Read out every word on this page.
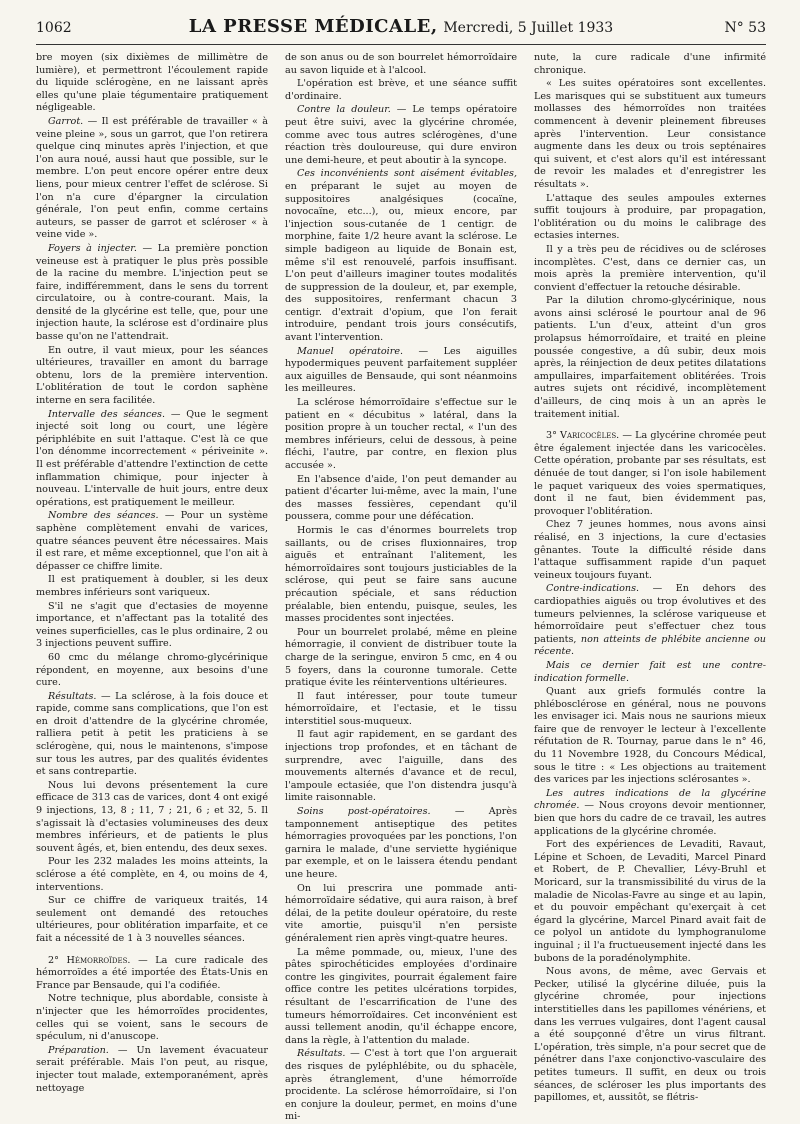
1062	LA PRESSE MÉDICALE, Mercredi, 5 Juillet 1933	N° 53

bre moyen (six dixièmes de millimètre de lumière), et permettront l'écoulement rapide du liquide sclérogène, en ne laissant après elles qu'une plaie tégumentaire pratiquement négligeable.

Garrot. — Il est préférable de travailler « à veine pleine », sous un garrot, que l'on retirera quelque cinq minutes après l'injection, et que l'on aura noué, aussi haut que possible, sur le membre. L'on peut encore opérer entre deux liens, pour mieux centrer l'effet de sclérose. Si l'on n'a cure d'épargner la circulation générale, l'on peut enfin, comme certains auteurs, se passer de garrot et scléroser « à veine vide ».

Foyers à injecter. — La première ponction veineuse est à pratiquer le plus près possible de la racine du membre. L'injection peut se faire, indifféremment, dans le sens du torrent circulatoire, ou à contre-courant. Mais, la densité de la glycérine est telle, que, pour une injection haute, la sclérose est d'ordinaire plus basse qu'on ne l'attendrait.

En outre, il vaut mieux, pour les séances ultérieures, travailler en amont du barrage obtenu, lors de la première intervention. L'oblitération de tout le cordon saphène interne en sera facilitée.

Intervalle des séances. — Que le segment injecté soit long ou court, une légère périphlébite en suit l'attaque. C'est là ce que l'on dénomme incorrectement « périveinite ». Il est préférable d'attendre l'extinction de cette inflammation chimique, pour injecter à nouveau. L'intervalle de huit jours, entre deux opérations, est pratiquement le meilleur.

Nombre des séances. — Pour un système saphène complètement envahi de varices, quatre séances peuvent être nécessaires. Mais il est rare, et même exceptionnel, que l'on ait à dépasser ce chiffre limite.

Il est pratiquement à doubler, si les deux membres inférieurs sont variqueux.

S'il ne s'agit que d'ectasies de moyenne importance, et n'affectant pas la totalité des veines superficielles, cas le plus ordinaire, 2 ou 3 injections peuvent suffire.

60 cmc du mélange chromo-glycérinique répondent, en moyenne, aux besoins d'une cure.

Résultats. — La sclérose, à la fois douce et rapide, comme sans complications, que l'on est en droit d'attendre de la glycérine chromée, ralliera petit à petit les praticiens à se sclérogène, qui, nous le maintenons, s'impose sur tous les autres, par des qualités évidentes et sans contrepartie.

Nous lui devons présentement la cure efficace de 313 cas de varices, dont 4 ont exigé 9 injections, 13, 8 ; 11, 7 ; 21, 6 ; et 32, 5. Il s'agissait là d'ectasies volumineuses des deux membres inférieurs, et de patients le plus souvent âgés, et, bien entendu, des deux sexes.

Pour les 232 malades les moins atteints, la sclérose a été complète, en 4, ou moins de 4, interventions.

Sur ce chiffre de variqueux traités, 14 seulement ont demandé des retouches ultérieures, pour oblitération imparfaite, et ce fait a nécessité de 1 à 3 nouvelles séances.

2° Hémorroïdes. — La cure radicale des hémorroïdes a été importée des États-Unis en France par Bensaude, qui l'a codifiée.

Notre technique, plus abordable, consiste à n'injecter que les hémorroïdes procidentes, celles qui se voient, sans le secours de spéculum, ni d'anuscope.

Préparation. — Un lavement évacuateur serait préférable. Mais l'on peut, au risque, injecter tout malade, extemporanément, après nettoyage

de son anus ou de son bourrelet hémorroïdaire au savon liquide et à l'alcool.

L'opération est brève, et une séance suffit d'ordinaire.

Contre la douleur. — Le temps opératoire peut être suivi, avec la glycérine chromée, comme avec tous autres sclérogènes, d'une réaction très douloureuse, qui dure environ une demi-heure, et peut aboutir à la syncope.

Ces inconvénients sont aisément évitables, en préparant le sujet au moyen de suppositoires analgésiques (cocaïne, novocaïne, etc...), ou, mieux encore, par l'injection sous-cutanée de 1 centigr. de morphine, faite 1/2 heure avant la sclérose. Le simple badigeon au liquide de Bonain est, même s'il est renouvelé, parfois insuffisant. L'on peut d'ailleurs imaginer toutes modalités de suppression de la douleur, et, par exemple, des suppositoires, renfermant chacun 3 centigr. d'extrait d'opium, que l'on ferait introduire, pendant trois jours consécutifs, avant l'intervention.

Manuel opératoire. — Les aiguilles hypodermiques peuvent parfaitement suppléer aux aiguilles de Bensaude, qui sont néanmoins les meilleures.

La sclérose hémorroïdaire s'effectue sur le patient en « décubitus » latéral, dans la position propre à un toucher rectal, « l'un des membres inférieurs, celui de dessous, à peine fléchi, l'autre, par contre, en flexion plus accusée ».

En l'absence d'aide, l'on peut demander au patient d'écarter lui-même, avec la main, l'une des masses fessières, cependant qu'il poussera, comme pour une défécation.

Hormis le cas d'énormes bourrelets trop saillants, ou de crises fluxionnaires, trop aiguës et entraînant l'alitement, les hémorroïdaires sont toujours justiciables de la sclérose, qui peut se faire sans aucune précaution spéciale, et sans réduction préalable, bien entendu, puisque, seules, les masses procidentes sont injectées.

Pour un bourrelet prolabé, même en pleine hémorragie, il convient de distribuer toute la charge de la seringue, environ 5 cmc, en 4 ou 5 foyers, dans la couronne tumorale. Cette pratique évite les réinterventions ultérieures.

Il faut intéresser, pour toute tumeur hémorroïdaire, et l'ectasie, et le tissu interstitiel sous-muqueux.

Il faut agir rapidement, en se gardant des injections trop profondes, et en tâchant de surprendre, avec l'aiguille, dans des mouvements alternés d'avance et de recul, l'ampoule ectasiée, que l'on distendra jusqu'à limite raisonnable.

Soins post-opératoires. — Après tamponnement antiseptique des petites hémorragies provoquées par les ponctions, l'on garnira le malade, d'une serviette hygiénique par exemple, et on le laissera étendu pendant une heure.

On lui prescrira une pommade anti-hémorroïdaire sédative, qui aura raison, à bref délai, de la petite douleur opératoire, du reste vite amortie, puisqu'il n'en persiste généralement rien après vingt-quatre heures.

La même pommade, ou, mieux, l'une des pâtes spirochéticides employées d'ordinaire contre les gingivites, pourrait également faire office contre les petites ulcérations torpides, résultant de l'escarrification de l'une des tumeurs hémorroïdaires. Cet inconvénient est aussi tellement anodin, qu'il échappe encore, dans la règle, à l'attention du malade.

Résultats. — C'est à tort que l'on arguerait des risques de pyléphlébite, ou du sphacèle, après étranglement, d'une hémorroïde procidente. La sclérose hémorroïdaire, si l'on en conjure la douleur, permet, en moins d'une mi-

nute, la cure radicale d'une infirmité chronique.

« Les suites opératoires sont excellentes. Les marisques qui se substituent aux tumeurs mollasses des hémorroïdes non traitées commencent à devenir pleinement fibreuses après l'intervention. Leur consistance augmente dans les deux ou trois septénaires qui suivent, et c'est alors qu'il est intéressant de revoir les malades et d'enregistrer les résultats ».

L'attaque des seules ampoules externes suffit toujours à produire, par propagation, l'oblitération ou du moins le calibrage des ectasies internes.

Il y a très peu de récidives ou de scléroses incomplètes. C'est, dans ce dernier cas, un mois après la première intervention, qu'il convient d'effectuer la retouche désirable.

Par la dilution chromo-glycérinique, nous avons ainsi sclérosé le pourtour anal de 96 patients. L'un d'eux, atteint d'un gros prolapsus hémorroïdaire, et traité en pleine poussée congestive, a dû subir, deux mois après, la réinjection de deux petites dilatations ampullaires, imparfaitement oblitérées. Trois autres sujets ont récidivé, incomplètement d'ailleurs, de cinq mois à un an après le traitement initial.

3° Varicocèles. — La glycérine chromée peut être également injectée dans les varicocèles. Cette opération, probante par ses résultats, est dénuée de tout danger, si l'on isole habilement le paquet variqueux des voies spermatiques, dont il ne faut, bien évidemment pas, provoquer l'oblitération.

Chez 7 jeunes hommes, nous avons ainsi réalisé, en 3 injections, la cure d'ectasies gênantes. Toute la difficulté réside dans l'attaque suffisamment rapide d'un paquet veineux toujours fuyant.

Contre-indications. — En dehors des cardiopathies aiguës ou trop évolutives et des tumeurs pelviennes, la sclérose variqueuse et hémorroïdaire peut s'effectuer chez tous patients, non atteints de phlébite ancienne ou récente.

Mais ce dernier fait est une contre-indication formelle.

Quant aux griefs formulés contre la phlébosclérose en général, nous ne pouvons les envisager ici. Mais nous ne saurions mieux faire que de renvoyer le lecteur à l'excellente réfutation de R. Tournay, parue dans le n° 46, du 11 Novembre 1928, du Concours Médical, sous le titre : « Les objections au traitement des varices par les injections sclérosantes ».

Les autres indications de la glycérine chromée. — Nous croyons devoir mentionner, bien que hors du cadre de ce travail, les autres applications de la glycérine chromée.

Fort des expériences de Levaditi, Ravaut, Lépine et Schoen, de Levaditi, Marcel Pinard et Robert, de P. Chevallier, Lévy-Bruhl et Moricard, sur la transmissibilité du virus de la maladie de Nicolas-Favre au singe et au lapin, et du pouvoir empêchant qu'exerçait à cet égard la glycérine, Marcel Pinard avait fait de ce polyol un antidote du lymphogranulome inguinal ; il l'a fructueusement injecté dans les bubons de la poradénolymphite.

Nous avons, de même, avec Gervais et Pecker, utilisé la glycérine diluée, puis la glycérine chromée, pour injections interstitielles dans les papillomes vénériens, et dans les verrues vulgaires, dont l'agent causal a été soupçonné d'être un virus filtrant. L'opération, très simple, n'a pour secret que de pénétrer dans l'axe conjonctivo-vasculaire des petites tumeurs. Il suffit, en deux ou trois séances, de scléroser les plus importants des papillomes, et, aussitôt, se flétris-
